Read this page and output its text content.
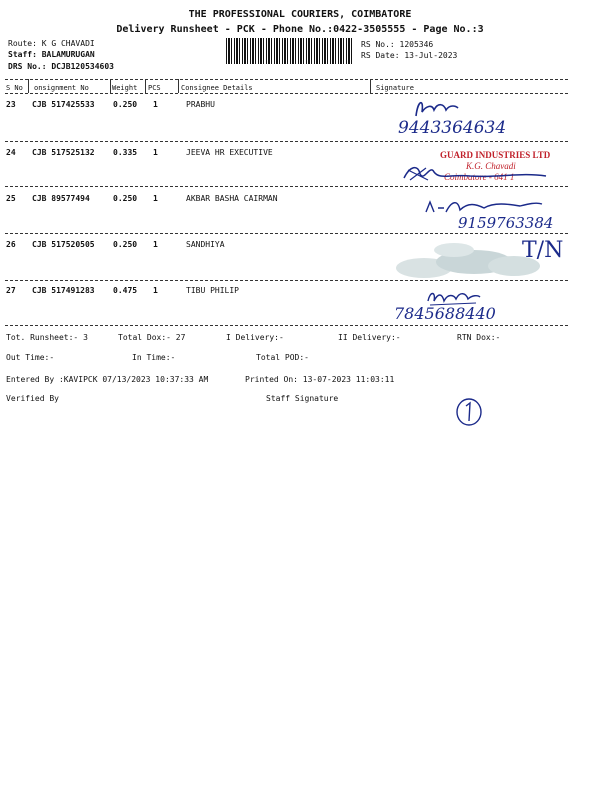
THE PROFESSIONAL COURIERS, COIMBATORE
Delivery Runsheet - PCK - Phone No.:0422-3505555 - Page No.:3
Route: K G CHAVADI
Staff: BALAMURUGAN
DRS No.: DCJB120534603
RS No.: 1205346
RS Date: 13-Jul-2023
S No onsignment No	Weight PCS	Consignee Details	Signature
23 CJB 517425533 0.250 1	PRABHU
9443364634
24 CJB 517525132 0.335 1	JEEVA HR EXECUTIVE	GUARD INDUSTRIES LTD
K.G. Chavadi
Coimbatore - 641 1
25 CJB 89577494	0.250 1	AKBAR BASHA CAIRMAN
9159763384
26 CJB 517520505 0.250 1	SANDHIYA	T/N
27 CJB 517491283 0.475 1	TIBU PHILIP
7845688440
Tot. Runsheet:- 3	Total Dox:- 27	I Delivery:-	II Delivery:-	RTN Dox:-
Out Time:-	In Time:-	Total POD:-
Entered By :KAVIPCK 07/13/2023 10:37:33 AM	Printed On: 13-07-2023 11:03:11
Verified By	Staff Signature
